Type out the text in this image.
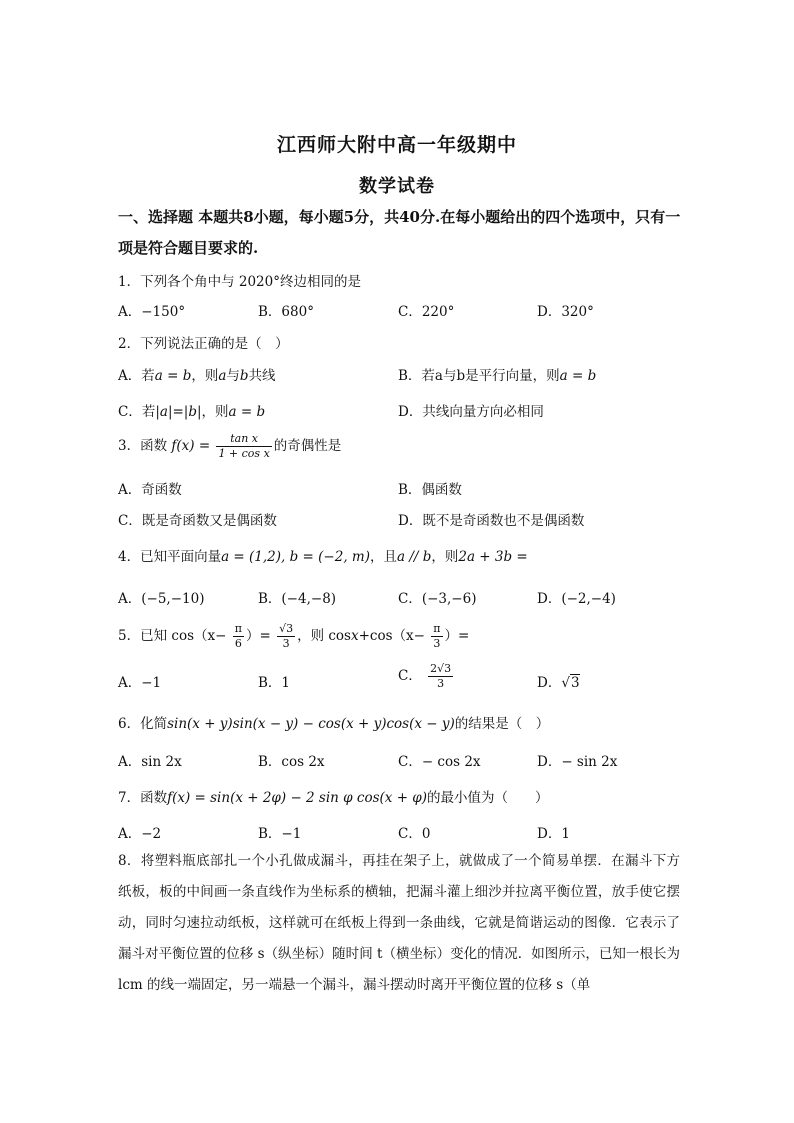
江西师大附中高一年级期中
数学试卷
一、选择题 本题共8小题，每小题5分，共40分.在每小题给出的四个选项中，只有一项是符合题目要求的.
1．下列各个角中与 2020°终边相同的是
A．−150°	B．680°	C．220°	D．320°
2．下列说法正确的是（　）
A．若a = b，则a与b共线	B．若a与b是平行向量，则a = b
C．若|a|=|b|，则a = b	D．共线向量方向必相同
3．函数 $f(x) = \frac{\text{tan x}}{\text{1 + cos x}}$ 的奇偶性是
A．奇函数	B．偶函数
C．既是奇函数又是偶函数	D．既不是奇函数也不是偶函数
4．已知平面向量a = (1,2), b = (−2, m)，且a // b，则2a + 3b =
A．(−5,−10)	B．(−4,−8)	C．(−3,−6)	D．(−2,−4)
5．已知 $\cos(x- \frac{\pi}{6}$ ）= $\frac{√3}{3}$ ，则 $\cos x+\cos(x- \frac{\pi}{3}$ ）=
A．−1	B．1	C． $\frac{2√3}{3}$	D．√3
6．化简sin(x + y)sin(x − y) − cos(x + y)cos(x − y)的结果是（　）
A．sin 2x	B．cos 2x	C．− cos 2x	D．− sin 2x
7．函数f(x) = sin(x + 2φ) − 2 sin φ cos(x + φ)的最小值为（　　）
A．−2	B．−1	C．0	D．1
8．将塑料瓶底部扎一个小孔做成漏斗，再挂在架子上，就做成了一个简易单摆．在漏斗下方纸板，板的中间画一条直线作为坐标系的横轴，把漏斗灌上细沙并拉离平衡位置，放手使它摆动，同时匀速拉动纸板，这样就可在纸板上得到一条曲线，它就是简谐运动的图像．它表示了漏斗对平衡位置的位移 s（纵坐标）随时间 t（横坐标）变化的情况．如图所示，已知一根长为 lcm 的线一端固定，另一端悬一个漏斗，漏斗摆动时离开平衡位置的位移 s（单
